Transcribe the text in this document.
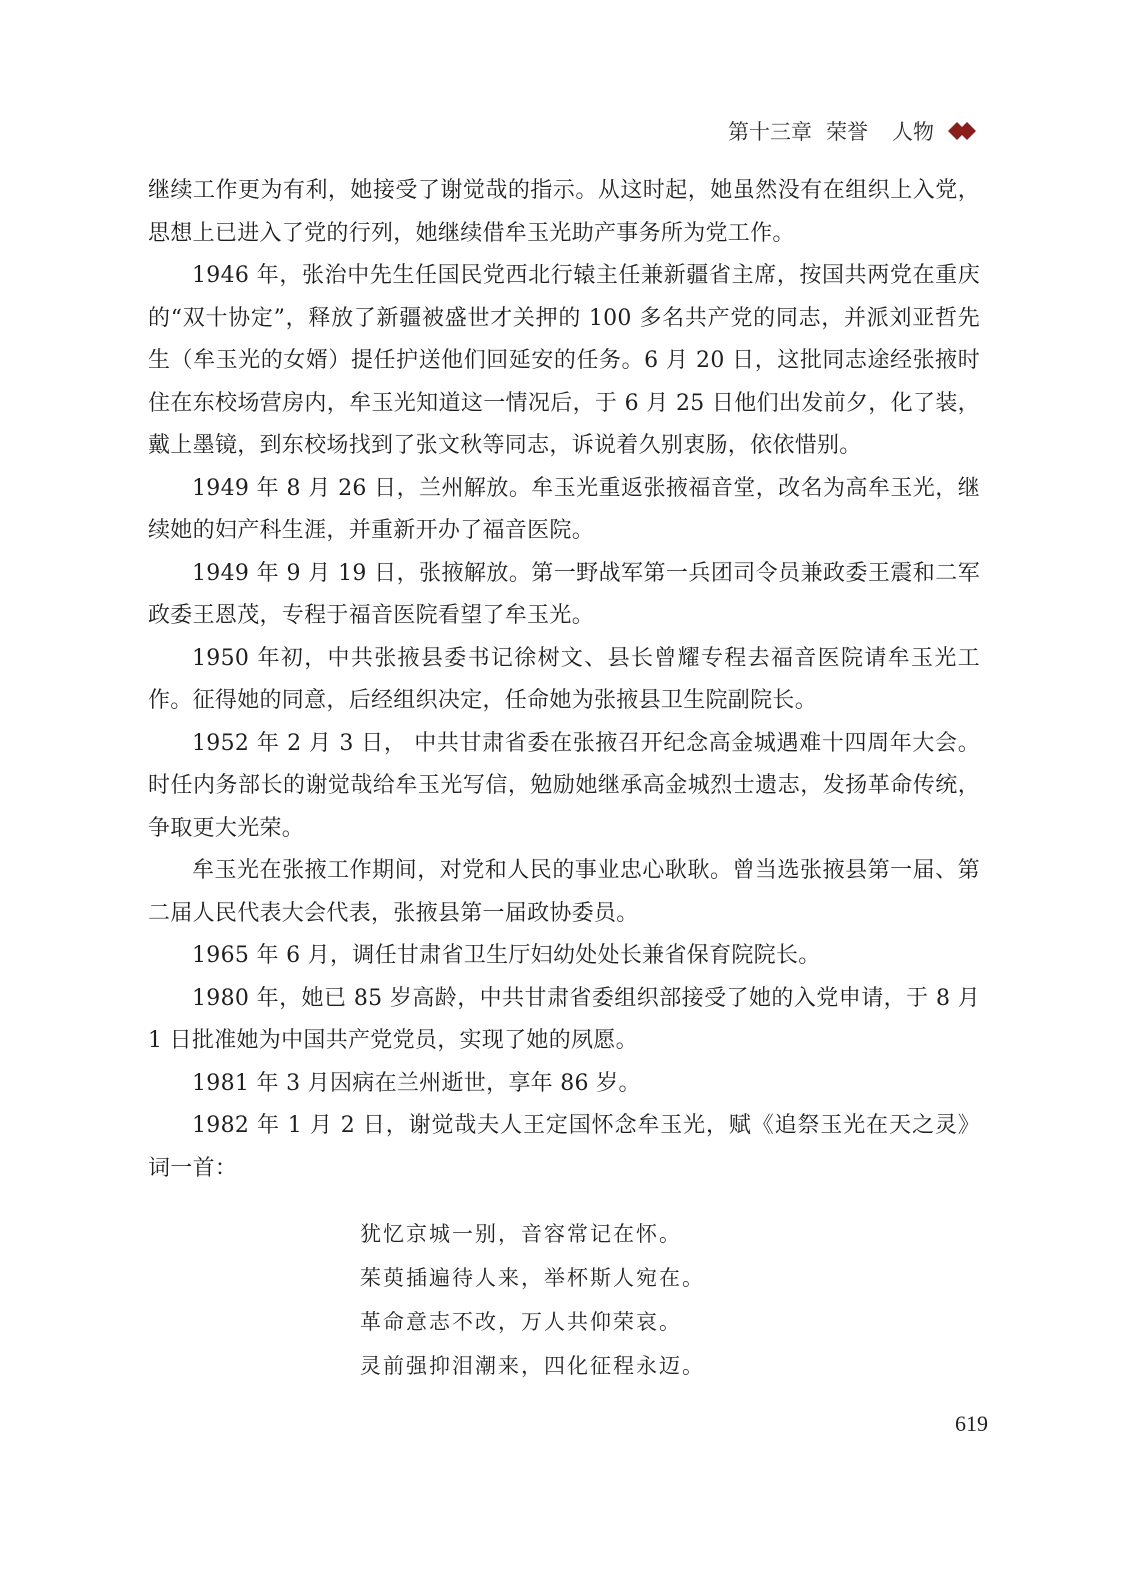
第十三章 荣誉 人物

继续工作更为有利，她接受了谢觉哉的指示。从这时起，她虽然没有在组织上入党，思想上已进入了党的行列，她继续借牟玉光助产事务所为党工作。

1946 年，张治中先生任国民党西北行辕主任兼新疆省主席，按国共两党在重庆的“双十协定”，释放了新疆被盛世才关押的 100 多名共产党的同志，并派刘亚哲先生（牟玉光的女婿）提任护送他们回延安的任务。6 月 20 日，这批同志途经张掖时住在东校场营房内，牟玉光知道这一情况后，于 6 月 25 日他们出发前夕，化了装，戴上墨镜，到东校场找到了张文秋等同志，诉说着久别衷肠，依依惜别。

1949 年 8 月 26 日，兰州解放。牟玉光重返张掖福音堂，改名为高牟玉光，继续她的妇产科生涯，并重新开办了福音医院。

1949 年 9 月 19 日，张掖解放。第一野战军第一兵团司令员兼政委王震和二军政委王恩茂，专程于福音医院看望了牟玉光。

1950 年初，中共张掖县委书记徐树文、县长曾耀专程去福音医院请牟玉光工作。征得她的同意，后经组织决定，任命她为张掖县卫生院副院长。

1952 年 2 月 3 日， 中共甘肃省委在张掖召开纪念高金城遇难十四周年大会。时任内务部长的谢觉哉给牟玉光写信，勉励她继承高金城烈士遗志，发扬革命传统，争取更大光荣。

牟玉光在张掖工作期间，对党和人民的事业忠心耿耿。曾当选张掖县第一届、第二届人民代表大会代表，张掖县第一届政协委员。

1965 年 6 月，调任甘肃省卫生厅妇幼处处长兼省保育院院长。

1980 年，她已 85 岁高龄，中共甘肃省委组织部接受了她的入党申请，于 8 月 1 日批准她为中国共产党党员，实现了她的夙愿。

1981 年 3 月因病在兰州逝世，享年 86 岁。

1982 年 1 月 2 日，谢觉哉夫人王定国怀念牟玉光，赋《追祭玉光在天之灵》词一首：

犹忆京城一别，音容常记在怀。
茱萸插遍待人来，举杯斯人宛在。
革命意志不改，万人共仰荣哀。
灵前强抑泪潮来，四化征程永迈。
619
